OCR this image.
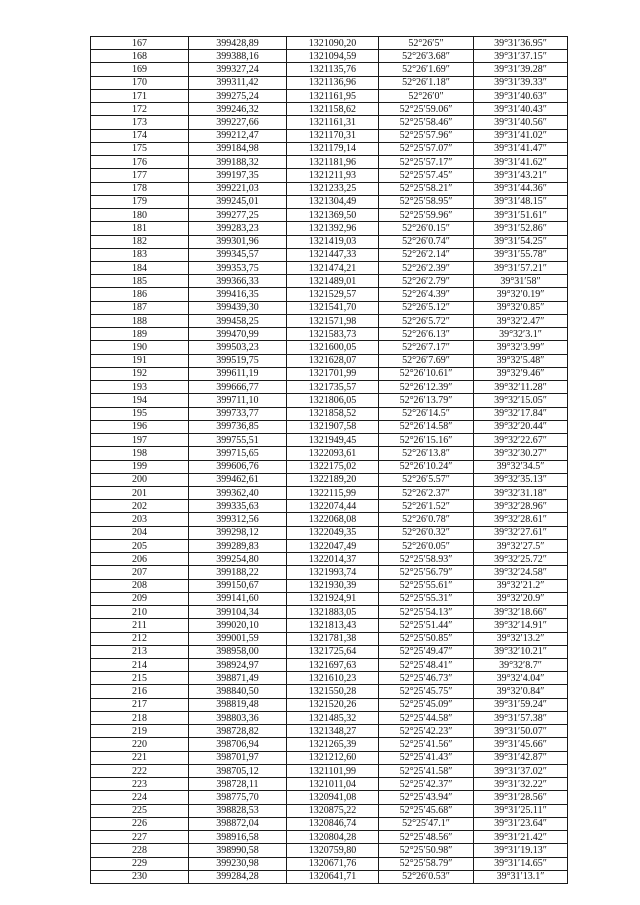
167	399428,89	1321090,20	52°26′5″	39°31′36.95″
168	399388,16	1321094,59	52°26′3.68″	39°31′37.15″
169	399327,24	1321135,76	52°26′1.69″	39°31′39.28″
170	399311,42	1321136,96	52°26′1.18″	39°31′39.33″
171	399275,24	1321161,95	52°26′0″	39°31′40.63″
172	399246,32	1321158,62	52°25′59.06″	39°31′40.43″
173	399227,66	1321161,31	52°25′58.46″	39°31′40.56″
174	399212,47	1321170,31	52°25′57.96″	39°31′41.02″
175	399184,98	1321179,14	52°25′57.07″	39°31′41.47″
176	399188,32	1321181,96	52°25′57.17″	39°31′41.62″
177	399197,35	1321211,93	52°25′57.45″	39°31′43.21″
178	399221,03	1321233,25	52°25′58.21″	39°31′44.36″
179	399245,01	1321304,49	52°25′58.95″	39°31′48.15″
180	399277,25	1321369,50	52°25′59.96″	39°31′51.61″
181	399283,23	1321392,96	52°26′0.15″	39°31′52.86″
182	399301,96	1321419,03	52°26′0.74″	39°31′54.25″
183	399345,57	1321447,33	52°26′2.14″	39°31′55.78″
184	399353,75	1321474,21	52°26′2.39″	39°31′57.21″
185	399366,33	1321489,01	52°26′2.79″	39°31′58″
186	399416,35	1321529,57	52°26′4.39″	39°32′0.19″
187	399439,30	1321541,70	52°26′5.12″	39°32′0.85″
188	399458,25	1321571,98	52°26′5.72″	39°32′2.47″
189	399470,99	1321583,73	52°26′6.13″	39°32′3.1″
190	399503,23	1321600,05	52°26′7.17″	39°32′3.99″
191	399519,75	1321628,07	52°26′7.69″	39°32′5.48″
192	399611,19	1321701,99	52°26′10.61″	39°32′9.46″
193	399666,77	1321735,57	52°26′12.39″	39°32′11.28″
194	399711,10	1321806,05	52°26′13.79″	39°32′15.05″
195	399733,77	1321858,52	52°26′14.5″	39°32′17.84″
196	399736,85	1321907,58	52°26′14.58″	39°32′20.44″
197	399755,51	1321949,45	52°26′15.16″	39°32′22.67″
198	399715,65	1322093,61	52°26′13.8″	39°32′30.27″
199	399606,76	1322175,02	52°26′10.24″	39°32′34.5″
200	399462,61	1322189,20	52°26′5.57″	39°32′35.13″
201	399362,40	1322115,99	52°26′2.37″	39°32′31.18″
202	399335,63	1322074,44	52°26′1.52″	39°32′28.96″
203	399312,56	1322068,08	52°26′0.78″	39°32′28.61″
204	399298,12	1322049,35	52°26′0.32″	39°32′27.61″
205	399289,83	1322047,49	52°26′0.05″	39°32′27.5″
206	399254,80	1322014,37	52°25′58.93″	39°32′25.72″
207	399188,22	1321993,74	52°25′56.79″	39°32′24.58″
208	399150,67	1321930,39	52°25′55.61″	39°32′21.2″
209	399141,60	1321924,91	52°25′55.31″	39°32′20.9″
210	399104,34	1321883,05	52°25′54.13″	39°32′18.66″
211	399020,10	1321813,43	52°25′51.44″	39°32′14.91″
212	399001,59	1321781,38	52°25′50.85″	39°32′13.2″
213	398958,00	1321725,64	52°25′49.47″	39°32′10.21″
214	398924,97	1321697,63	52°25′48.41″	39°32′8.7″
215	398871,49	1321610,23	52°25′46.73″	39°32′4.04″
216	398840,50	1321550,28	52°25′45.75″	39°32′0.84″
217	398819,48	1321520,26	52°25′45.09″	39°31′59.24″
218	398803,36	1321485,32	52°25′44.58″	39°31′57.38″
219	398728,82	1321348,27	52°25′42.23″	39°31′50.07″
220	398706,94	1321265,39	52°25′41.56″	39°31′45.66″
221	398701,97	1321212,60	52°25′41.43″	39°31′42.87″
222	398705,12	1321101,99	52°25′41.58″	39°31′37.02″
223	398728,11	1321011,04	52°25′42.37″	39°31′32.22″
224	398775,70	1320941,08	52°25′43.94″	39°31′28.56″
225	398828,53	1320875,22	52°25′45.68″	39°31′25.11″
226	398872,04	1320846,74	52°25′47.1″	39°31′23.64″
227	398916,58	1320804,28	52°25′48.56″	39°31′21.42″
228	398990,58	1320759,80	52°25′50.98″	39°31′19.13″
229	399230,98	1320671,76	52°25′58.79″	39°31′14.65″
230	399284,28	1320641,71	52°26′0.53″	39°31′13.1″
